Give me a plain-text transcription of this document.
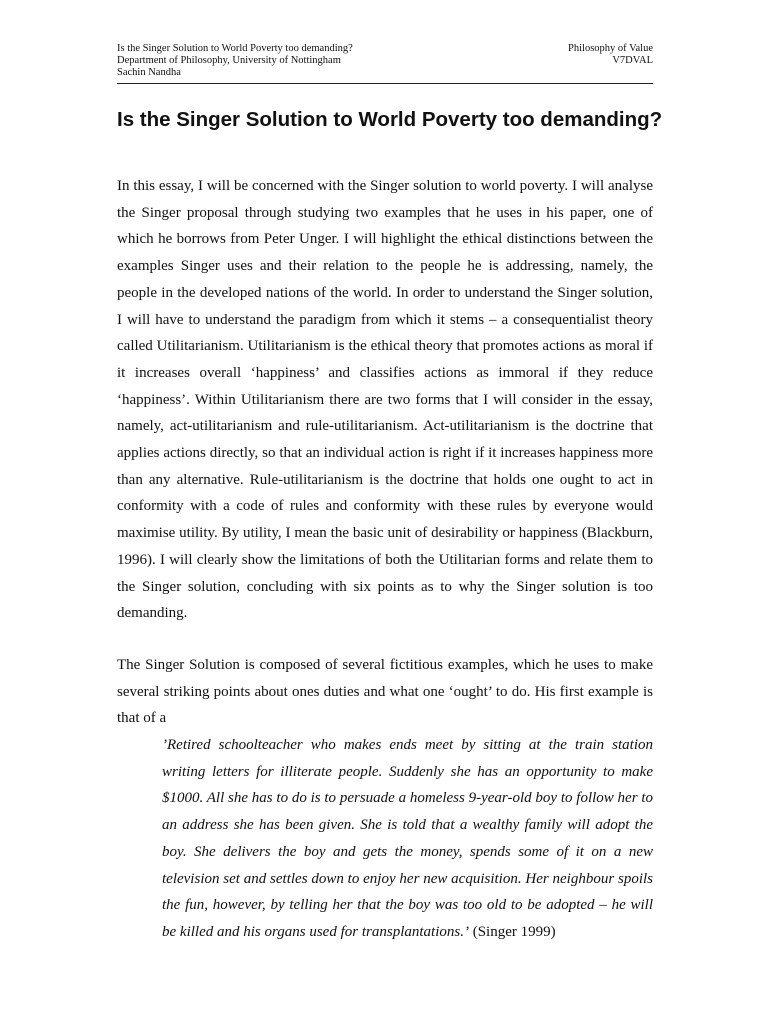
Is the Singer Solution to World Poverty too demanding?
Department of Philosophy, University of Nottingham
Sachin Nandha
Philosophy of Value
V7DVAL
Is the Singer Solution to World Poverty too demanding?

In this essay, I will be concerned with the Singer solution to world poverty. I will analyse the Singer proposal through studying two examples that he uses in his paper, one of which he borrows from Peter Unger. I will highlight the ethical distinctions between the examples Singer uses and their relation to the people he is addressing, namely, the people in the developed nations of the world. In order to understand the Singer solution, I will have to understand the paradigm from which it stems – a consequentialist theory called Utilitarianism. Utilitarianism is the ethical theory that promotes actions as moral if it increases overall ‘happiness’ and classifies actions as immoral if they reduce ‘happiness’. Within Utilitarianism there are two forms that I will consider in the essay, namely, act-utilitarianism and rule-utilitarianism. Act-utilitarianism is the doctrine that applies actions directly, so that an individual action is right if it increases happiness more than any alternative. Rule-utilitarianism is the doctrine that holds one ought to act in conformity with a code of rules and conformity with these rules by everyone would maximise utility. By utility, I mean the basic unit of desirability or happiness (Blackburn, 1996). I will clearly show the limitations of both the Utilitarian forms and relate them to the Singer solution, concluding with six points as to why the Singer solution is too demanding.

The Singer Solution is composed of several fictitious examples, which he uses to make several striking points about ones duties and what one ‘ought’ to do. His first example is that of a

’Retired schoolteacher who makes ends meet by sitting at the train station writing letters for illiterate people. Suddenly she has an opportunity to make $1000. All she has to do is to persuade a homeless 9-year-old boy to follow her to an address she has been given. She is told that a wealthy family will adopt the boy. She delivers the boy and gets the money, spends some of it on a new television set and settles down to enjoy her new acquisition. Her neighbour spoils the fun, however, by telling her that the boy was too old to be adopted – he will be killed and his organs used for transplantations.’ (Singer 1999)
